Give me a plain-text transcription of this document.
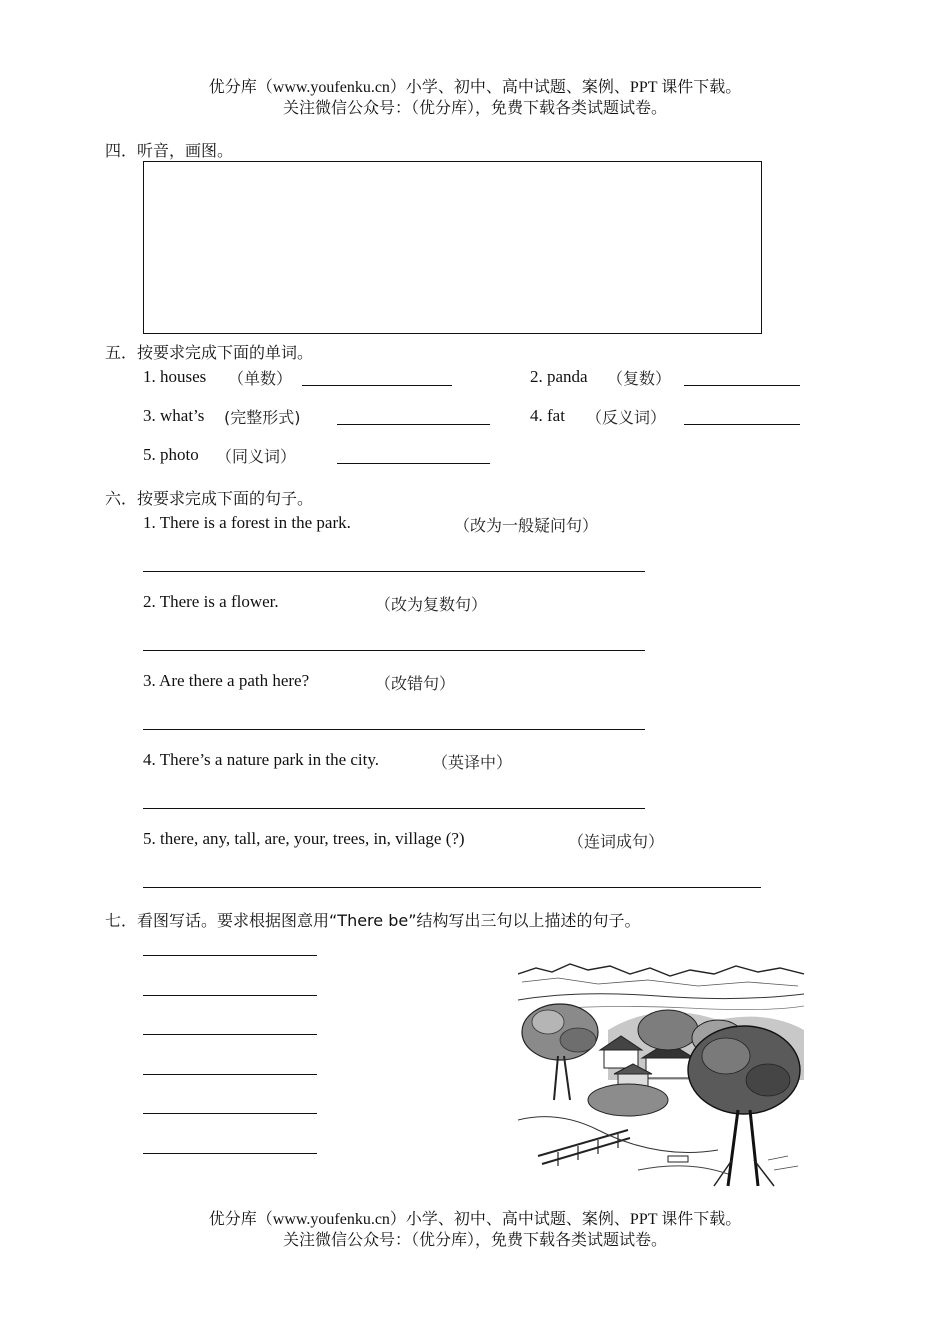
优分库（www.youfenku.cn）小学、初中、高中试题、案例、PPT 课件下载。
关注微信公众号：（优分库），免费下载各类试题试卷。
四．听音，画图。
五．按要求完成下面的单词。
1. houses （单数）	2. panda （复数）
3. what’s (完整形式)	4. fat （反义词）
5. photo （同义词）
六．按要求完成下面的句子。
1. There is a forest in the park.	（改为一般疑问句）
2. There is a flower.	（改为复数句）
3. Are there a path here?	（改错句）
4. There’s a nature park in the city.	（英译中）
5. there, any, tall, are, your, trees, in, village (?)	（连词成句）
七．看图写话。要求根据图意用“There be”结构写出三句以上描述的句子。
优分库（www.youfenku.cn）小学、初中、高中试题、案例、PPT 课件下载。
关注微信公众号：（优分库），免费下载各类试题试卷。
